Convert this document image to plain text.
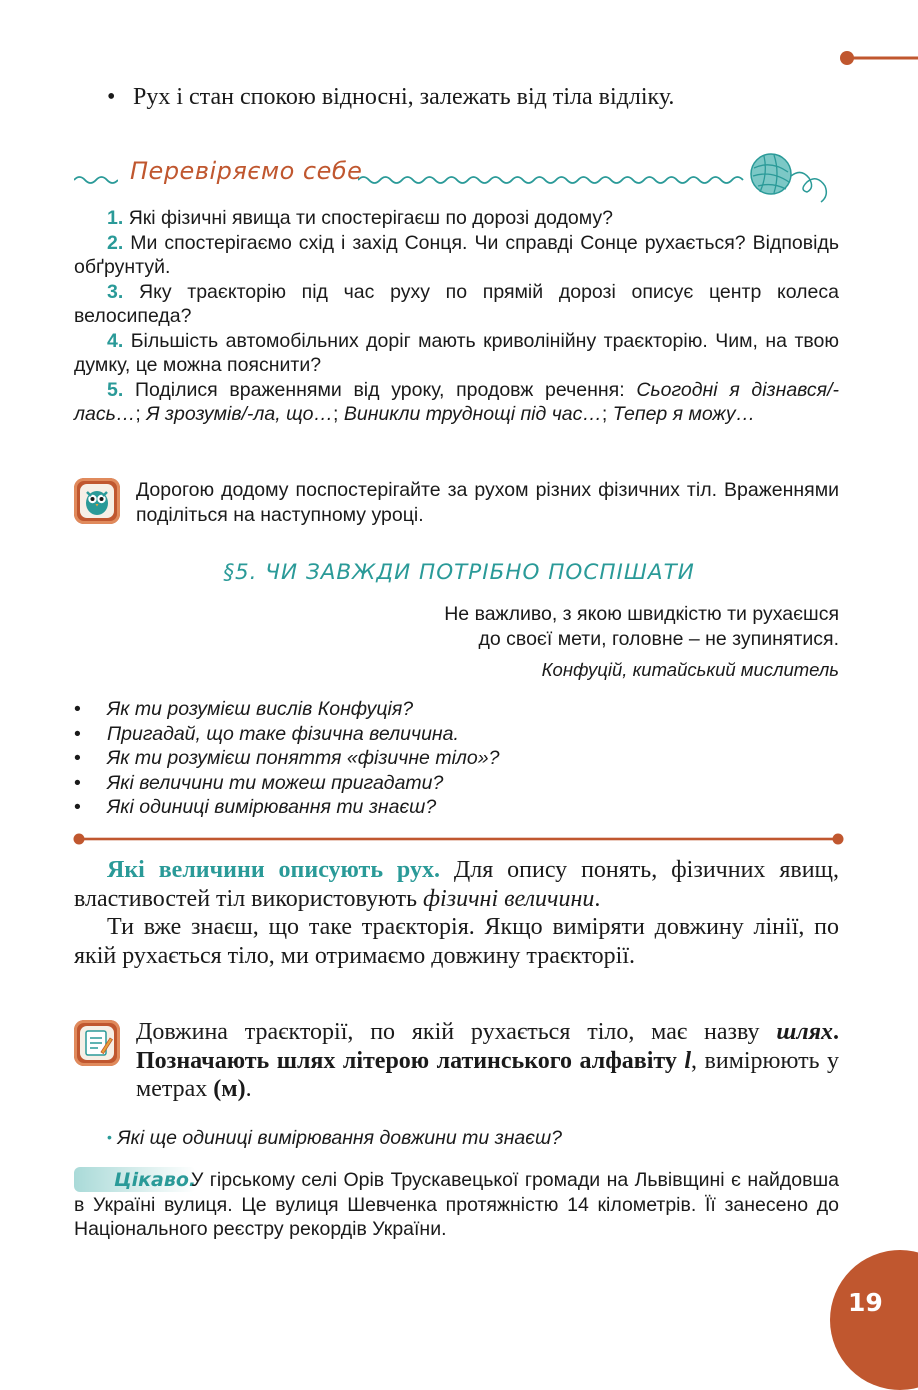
• Рух і стан спокою відносні, залежать від тіла відліку.
Перевіряємо себе

1. Які фізичні явища ти спостерігаєш по дорозі додому?

2. Ми спостерігаємо схід і захід Сонця. Чи справді Сонце рухається? Відповідь обґрунтуй.

3. Яку траєкторію під час руху по прямій дорозі описує центр колеса велосипеда?

4. Більшість автомобільних доріг мають криволінійну траєкторію. Чим, на твою думку, це можна пояснити?

5. Поділися враженнями від уроку, продовж речення: Сьогодні я дізнався/-лась…; Я зрозумів/-ла, що…; Виникли труднощі під час…; Тепер я можу…

Дорогою додому поспостерігайте за рухом різних фізичних тіл. Враженнями поділіться на наступному уроці.
§5. ЧИ ЗАВЖДИ ПОТРІБНО ПОСПІШАТИ
Не важливо, з якою швидкістю ти рухаєшся
до своєї мети, головне – не зупинятися.
Конфуцій, китайський мислитель
• Як ти розумієш вислів Конфуція?
• Пригадай, що таке фізична величина.
• Як ти розумієш поняття «фізичне тіло»?
• Які величини ти можеш пригадати?
• Які одиниці вимірювання ти знаєш?

Які величини описують рух. Для опису понять, фізичних явищ, властивостей тіл використовують фізичні величини.

Ти вже знаєш, що таке траєкторія. Якщо виміряти довжину лінії, по якій рухається тіло, ми отримаємо довжину траєкторії.

Довжина траєкторії, по якій рухається тіло, має назву шлях. Позначають шлях літерою латинського алфавіту l, вимірюють у метрах (м).
• Які ще одиниці вимірювання довжини ти знаєш?
Цікаво.У гірському селі Орів Трускавецької громади на Львівщині є найдовша в Україні вулиця. Це вулиця Шевченка протяжністю 14 кілометрів. Її занесено до Національного реєстру рекордів України.
19
